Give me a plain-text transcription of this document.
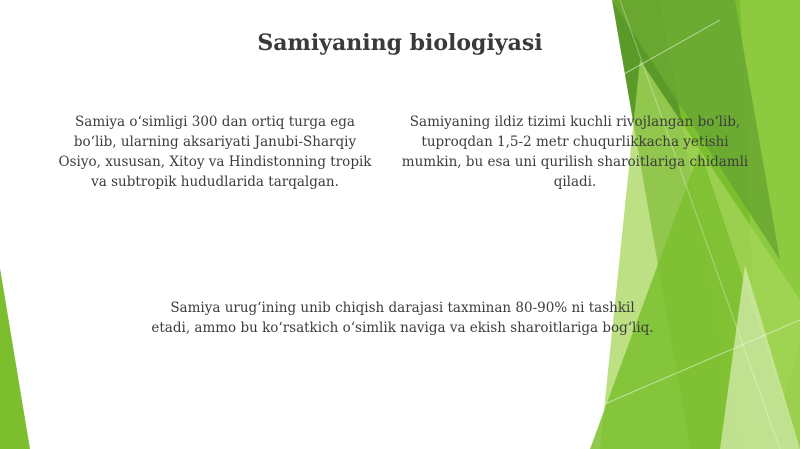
Samiyaning biologiyasi
Samiya oʻsimligi 300 dan ortiq turga ega boʻlib, ularning aksariyati Janubi-Sharqiy Osiyo, xususan, Xitoy va Hindistonning tropik va subtropik hududlarida tarqalgan.
Samiyaning ildiz tizimi kuchli rivojlangan boʻlib, tuproqdan 1,5-2 metr chuqurlikkacha yetishi mumkin, bu esa uni qurilish sharoitlariga chidamli qiladi.
Samiya urugʻining unib chiqish darajasi taxminan 80-90% ni tashkil etadi, ammo bu koʻrsatkich oʻsimlik naviga va ekish sharoitlariga bogʻliq.
